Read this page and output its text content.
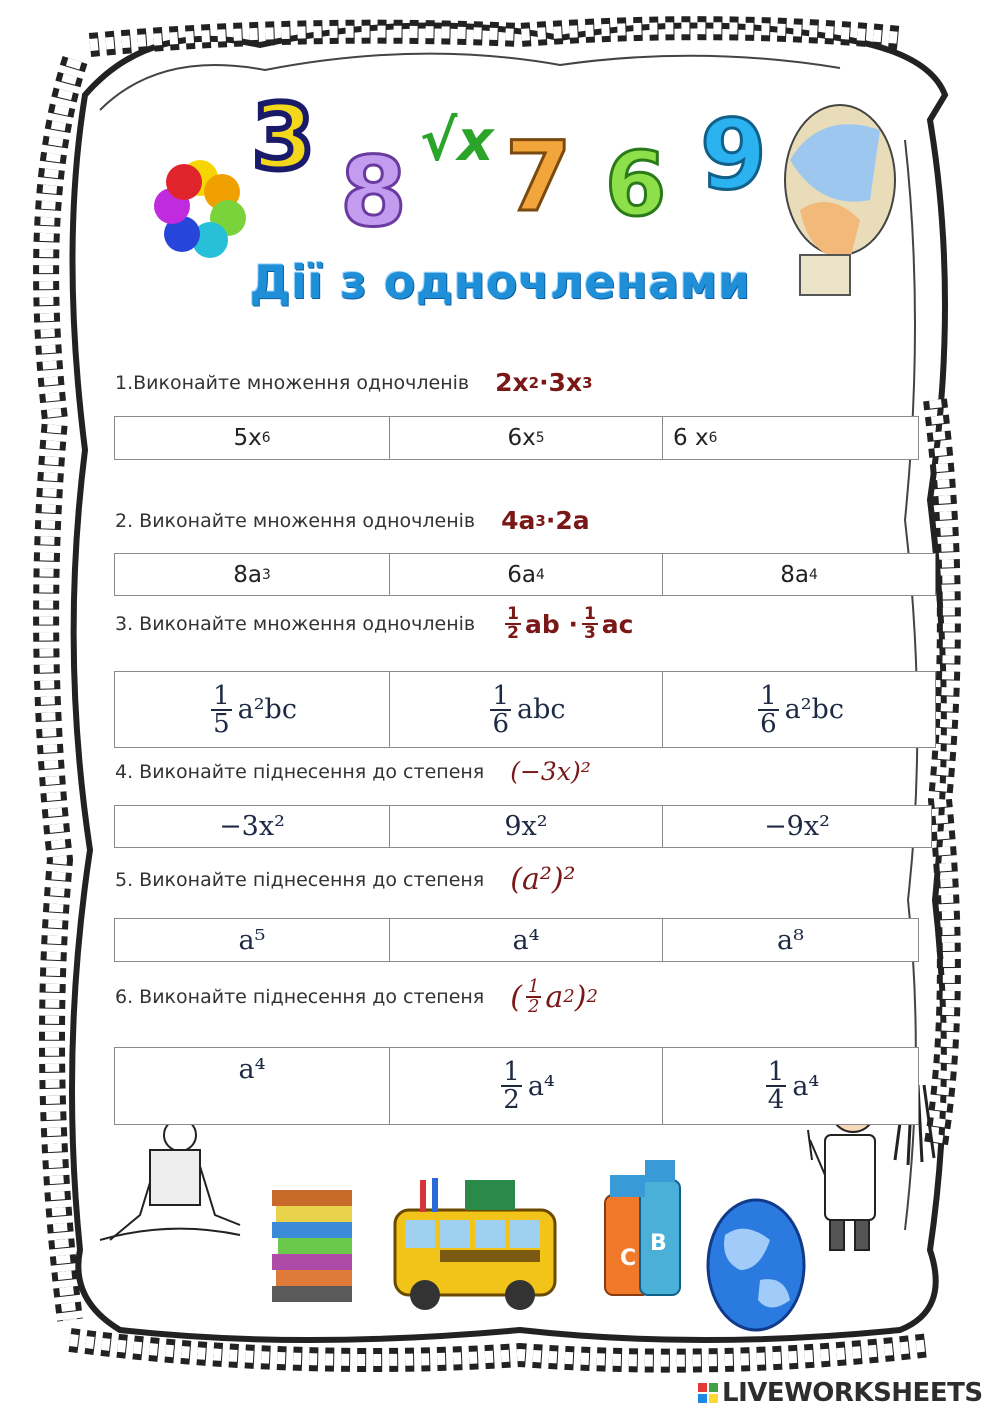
3 8 √x 7 6 9
C
B
Дії з одночленами
1.Виконайте множення одночленів 2x 2 ·3x 3
5x 6	6x 5	6 x 6
2. Виконайте множення одночленів 4a 3 ·2a
8a 3	6a 4	8a 4
3. Виконайте множення одночленів $\frac{1}{2}$ ab · $\frac{1}{3}$ ac
$\frac{1}{5} a^2bc$	$\frac{1}{6}$ abc	$\frac{1}{6} a^2bc$
4. Виконайте піднесення до степеня (−3x)²
−3x²	9x²	−9x²
5. Виконайте піднесення до степеня (a²)²
a⁵	a⁴	a⁸
6. Виконайте піднесення до степеня ( $\frac{1}{2}$ a 2 ) 2
a⁴	$\frac{1}{2} a^4$	$\frac{1}{4} a^4$
LIVEWORKSHEETS
